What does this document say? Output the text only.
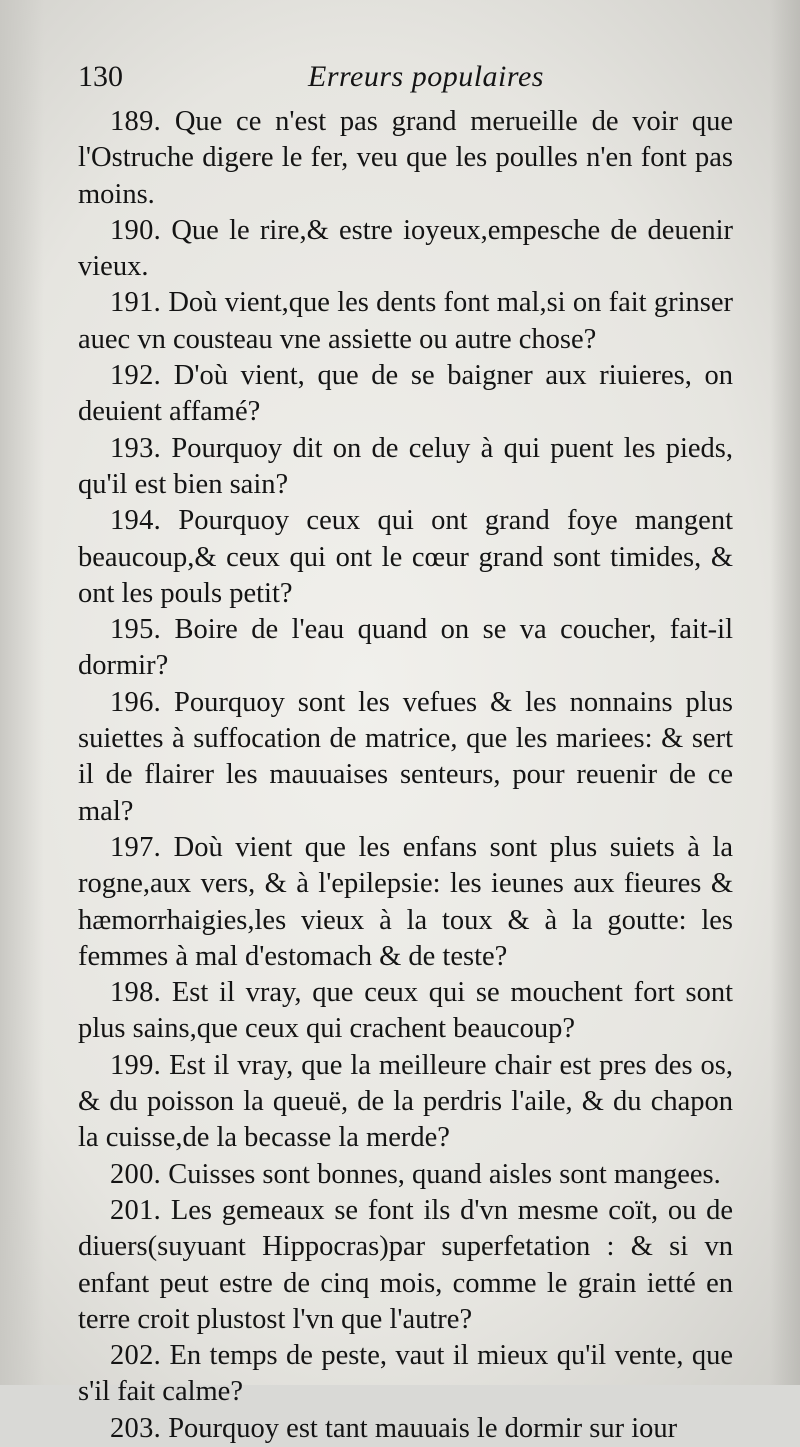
130	Erreurs populaires

189. Que ce n'est pas grand merueille de voir que l'Ostruche digere le fer, veu que les poulles n'en font pas moins.

190. Que le rire,& estre ioyeux,empesche de deuenir vieux.

191. Doù vient,que les dents font mal,si on fait grinser auec vn cousteau vne assiette ou autre chose?

192. D'où vient, que de se baigner aux riuieres, on deuient affamé?

193. Pourquoy dit on de celuy à qui puent les pieds, qu'il est bien sain?

194. Pourquoy ceux qui ont grand foye mangent beaucoup,& ceux qui ont le cœur grand sont timides, & ont les pouls petit?

195. Boire de l'eau quand on se va coucher, fait-il dormir?

196. Pourquoy sont les vefues & les nonnains plus suiettes à suffocation de matrice, que les mariees: & sert il de flairer les mauuaises senteurs, pour reuenir de ce mal?

197. Doù vient que les enfans sont plus suiets à la rogne,aux vers, & à l'epilepsie: les ieunes aux fieures & hæmorrhaigies,les vieux à la toux & à la goutte: les femmes à mal d'estomach & de teste?

198. Est il vray, que ceux qui se mouchent fort sont plus sains,que ceux qui crachent beaucoup?

199. Est il vray, que la meilleure chair est pres des os, & du poisson la queuë, de la perdris l'aile, & du chapon la cuisse,de la becasse la merde?

200. Cuisses sont bonnes, quand aisles sont mangees.

201. Les gemeaux se font ils d'vn mesme coït, ou de diuers(suyuant Hippocras)par superfetation : & si vn enfant peut estre de cinq mois, comme le grain ietté en terre croit plustost l'vn que l'autre?

202. En temps de peste, vaut il mieux qu'il vente, que s'il fait calme?

203. Pourquoy est tant mauuais le dormir sur iour
